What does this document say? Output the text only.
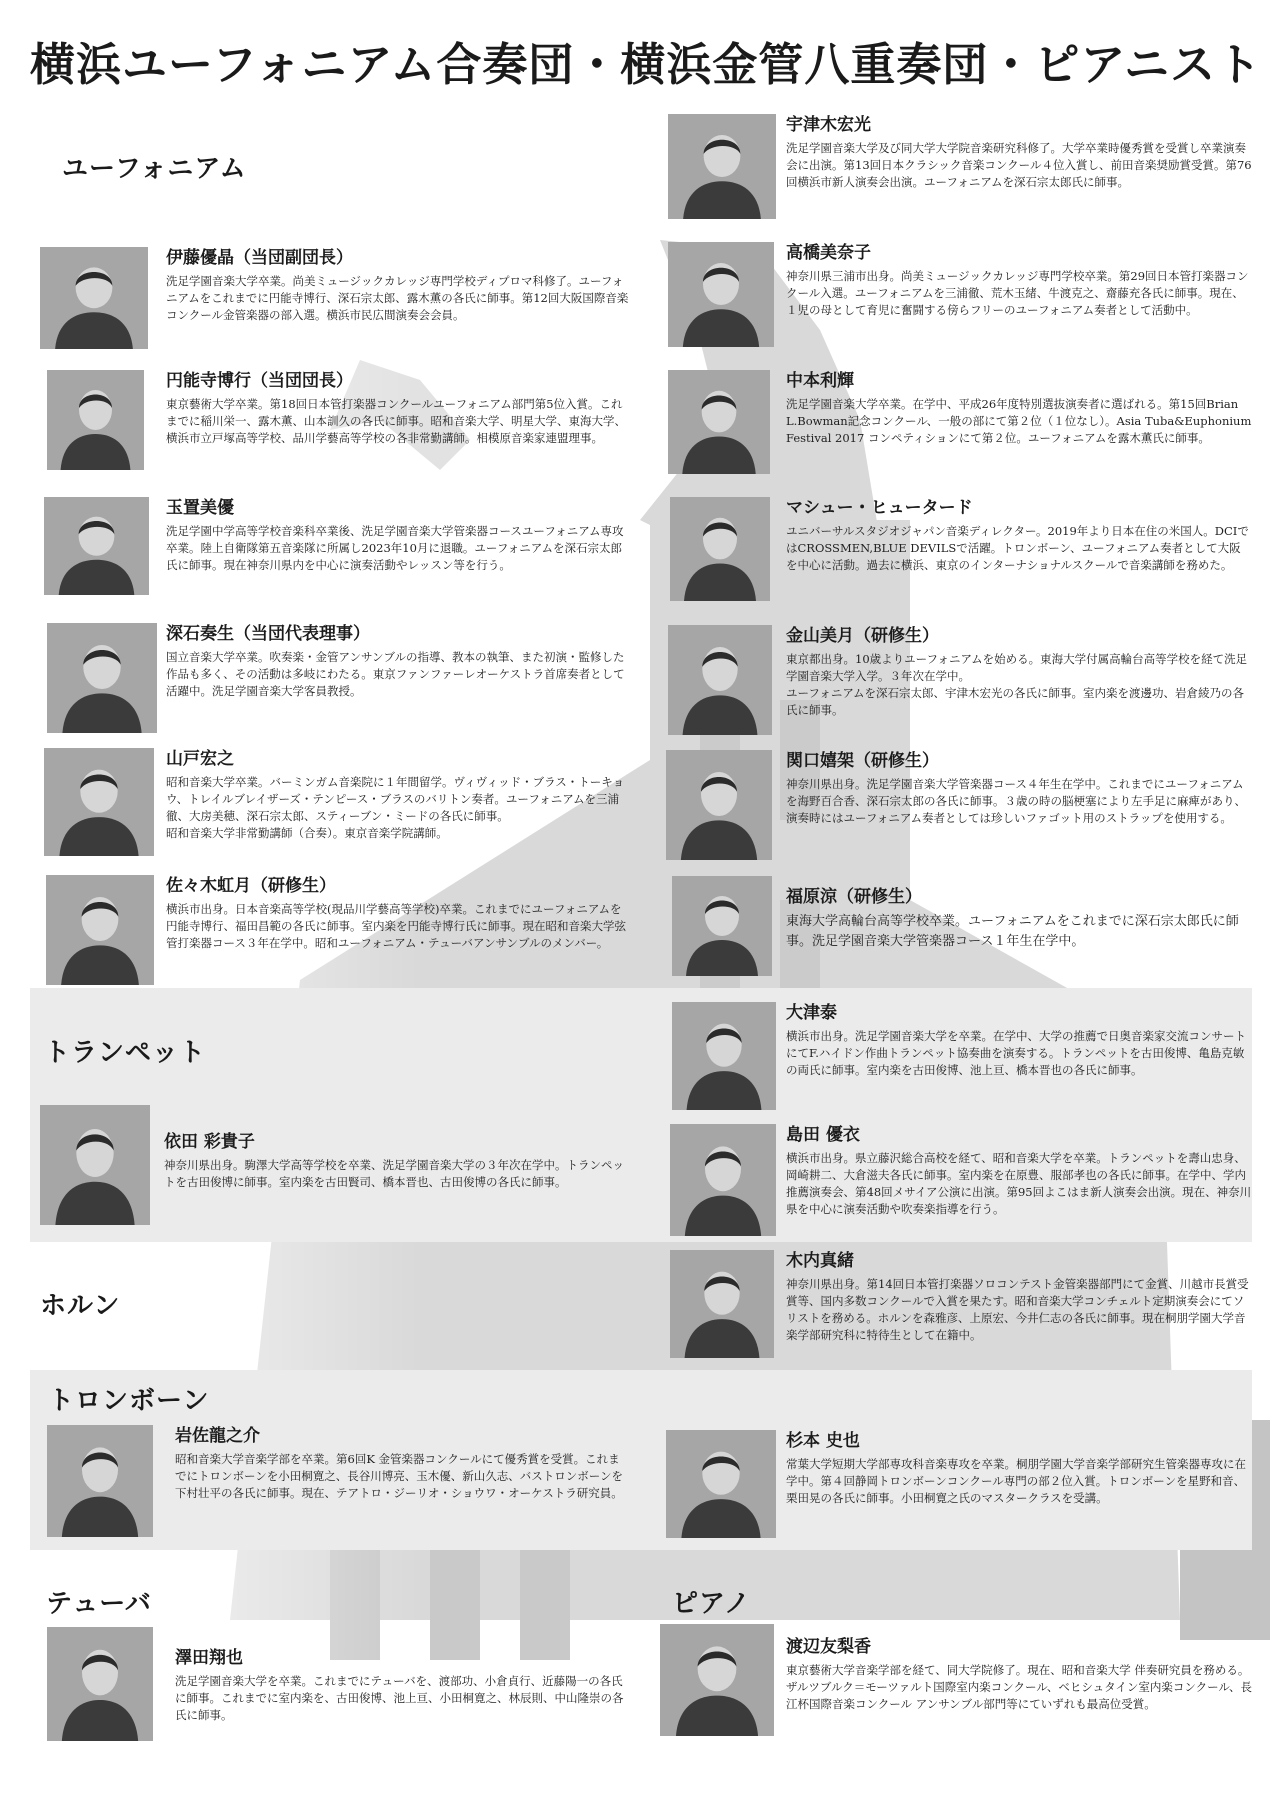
横浜ユーフォニアム合奏団・横浜金管八重奏団・ピアニスト
ユーフォニアム
トランペット
ホルン
トロンボーン
テューバ	ピアノ
伊藤優晶（当団副団長）

洗足学園音楽大学卒業。尚美ミュージックカレッジ専門学校ディプロマ科修了。ユーフォニアムをこれまでに円能寺博行、深石宗太郎、露木薫の各氏に師事。第12回大阪国際音楽コンクール金管楽器の部入選。横浜市民広間演奏会会員。

円能寺博行（当団団長）

東京藝術大学卒業。第18回日本管打楽器コンクールユーフォニアム部門第5位入賞。これまでに稲川栄一、露木薫、山本訓久の各氏に師事。昭和音楽大学、明星大学、東海大学、横浜市立戸塚高等学校、品川学藝高等学校の各非常勤講師。相模原音楽家連盟理事。

玉置美優

洗足学園中学高等学校音楽科卒業後、洗足学園音楽大学管楽器コースユーフォニアム専攻卒業。陸上自衛隊第五音楽隊に所属し2023年10月に退職。ユーフォニアムを深石宗太郎氏に師事。現在神奈川県内を中心に演奏活動やレッスン等を行う。

深石奏生（当団代表理事）

国立音楽大学卒業。吹奏楽・金管アンサンブルの指導、教本の執筆、また初演・監修した作品も多く、その活動は多岐にわたる。東京ファンファーレオーケストラ首席奏者として活躍中。洗足学園音楽大学客員教授。

山戸宏之

昭和音楽大学卒業。バーミンガム音楽院に１年間留学。ヴィヴィッド・ブラス・トーキョウ、トレイルブレイザーズ・テンピース・ブラスのバリトン奏者。ユーフォニアムを三浦徹、大房美穂、深石宗太郎、スティーブン・ミードの各氏に師事。
昭和音楽大学非常勤講師（合奏）。東京音楽学院講師。

佐々木虹月（研修生）

横浜市出身。日本音楽高等学校(現品川学藝高等学校)卒業。これまでにユーフォニアムを円能寺博行、福田昌範の各氏に師事。室内楽を円能寺博行氏に師事。現在昭和音楽大学弦管打楽器コース３年在学中。昭和ユーフォニアム・テューバアンサンブルのメンバー。

依田 彩貴子

神奈川県出身。駒澤大学高等学校を卒業、洗足学園音楽大学の３年次在学中。トランペットを古田俊博に師事。室内楽を古田賢司、橋本晋也、古田俊博の各氏に師事。

岩佐龍之介

昭和音楽大学音楽学部を卒業。第6回K 金管楽器コンクールにて優秀賞を受賞。これまでにトロンボーンを小田桐寛之、長谷川博亮、玉木優、新山久志、バストロンボーンを下村壮平の各氏に師事。現在、テアトロ・ジーリオ・ショウワ・オーケストラ研究員。

澤田翔也

洗足学園音楽大学を卒業。これまでにテューバを、渡部功、小倉貞行、近藤陽一の各氏に師事。これまでに室内楽を、古田俊博、池上亘、小田桐寛之、林辰則、中山隆崇の各氏に師事。

宇津木宏光

洗足学園音楽大学及び同大学大学院音楽研究科修了。大学卒業時優秀賞を受賞し卒業演奏会に出演。第13回日本クラシック音楽コンクール４位入賞し、前田音楽奨励賞受賞。第76回横浜市新人演奏会出演。ユーフォニアムを深石宗太郎氏に師事。

高橋美奈子

神奈川県三浦市出身。尚美ミュージックカレッジ専門学校卒業。第29回日本管打楽器コンクール入選。ユーフォニアムを三浦徹、荒木玉緒、牛渡克之、齋藤充各氏に師事。現在、１児の母として育児に奮闘する傍らフリーのユーフォニアム奏者として活動中。

中本利輝

洗足学園音楽大学卒業。在学中、平成26年度特別選抜演奏者に選ばれる。第15回Brian L.Bowman記念コンクール、一般の部にて第２位（１位なし）。Asia Tuba&Euphonium Festival 2017 コンペティションにて第２位。ユーフォニアムを露木薫氏に師事。

マシュー・ヒュータード

ユニバーサルスタジオジャパン音楽ディレクター。2019年より日本在住の米国人。DCIではCROSSMEN,BLUE DEVILSで活躍。トロンボーン、ユーフォニアム奏者として大阪を中心に活動。過去に横浜、東京のインターナショナルスクールで音楽講師を務めた。

金山美月（研修生）

東京都出身。10歳よりユーフォニアムを始める。東海大学付属高輪台高等学校を経て洗足学園音楽大学入学。３年次在学中。
ユーフォニアムを深石宗太郎、宇津木宏光の各氏に師事。室内楽を渡邊功、岩倉綾乃の各氏に師事。

関口嬉架（研修生）

神奈川県出身。洗足学園音楽大学管楽器コース４年生在学中。これまでにユーフォニアムを海野百合香、深石宗太郎の各氏に師事。３歳の時の脳梗塞により左手足に麻痺があり、演奏時にはユーフォニアム奏者としては珍しいファゴット用のストラップを使用する。

福原涼（研修生）

東海大学高輪台高等学校卒業。ユーフォニアムをこれまでに深石宗太郎氏に師事。洗足学園音楽大学管楽器コース１年生在学中。

大津泰

横浜市出身。洗足学園音楽大学を卒業。在学中、大学の推薦で日奥音楽家交流コンサートにてF.ハイドン作曲トランペット協奏曲を演奏する。トランペットを古田俊博、亀島克敏の両氏に師事。室内楽を古田俊博、池上亘、橋本晋也の各氏に師事。

島田 優衣

横浜市出身。県立藤沢総合高校を経て、昭和音楽大学を卒業。トランペットを壽山忠身、岡崎耕二、大倉滋夫各氏に師事。室内楽を在原豊、服部孝也の各氏に師事。在学中、学内推薦演奏会、第48回メサイア公演に出演。第95回よこはま新人演奏会出演。現在、神奈川県を中心に演奏活動や吹奏楽指導を行う。

木内真緒

神奈川県出身。第14回日本管打楽器ソロコンテスト金管楽器部門にて金賞、川越市長賞受賞等、国内多数コンクールで入賞を果たす。昭和音楽大学コンチェルト定期演奏会にてソリストを務める。ホルンを森雅彦、上原宏、今井仁志の各氏に師事。現在桐朋学園大学音楽学部研究科に特待生として在籍中。

杉本 史也

常葉大学短期大学部専攻科音楽専攻を卒業。桐朋学園大学音楽学部研究生管楽器専攻に在学中。第４回静岡トロンボーンコンクール専門の部２位入賞。トロンボーンを星野和音、栗田晃の各氏に師事。小田桐寛之氏のマスタークラスを受講。

渡辺友梨香

東京藝術大学音楽学部を経て、同大学院修了。現在、昭和音楽大学 伴奏研究員を務める。ザルツブルク＝モーツァルト国際室内楽コンクール、ベヒシュタイン室内楽コンクール、長江杯国際音楽コンクール アンサンブル部門等にていずれも最高位受賞。
